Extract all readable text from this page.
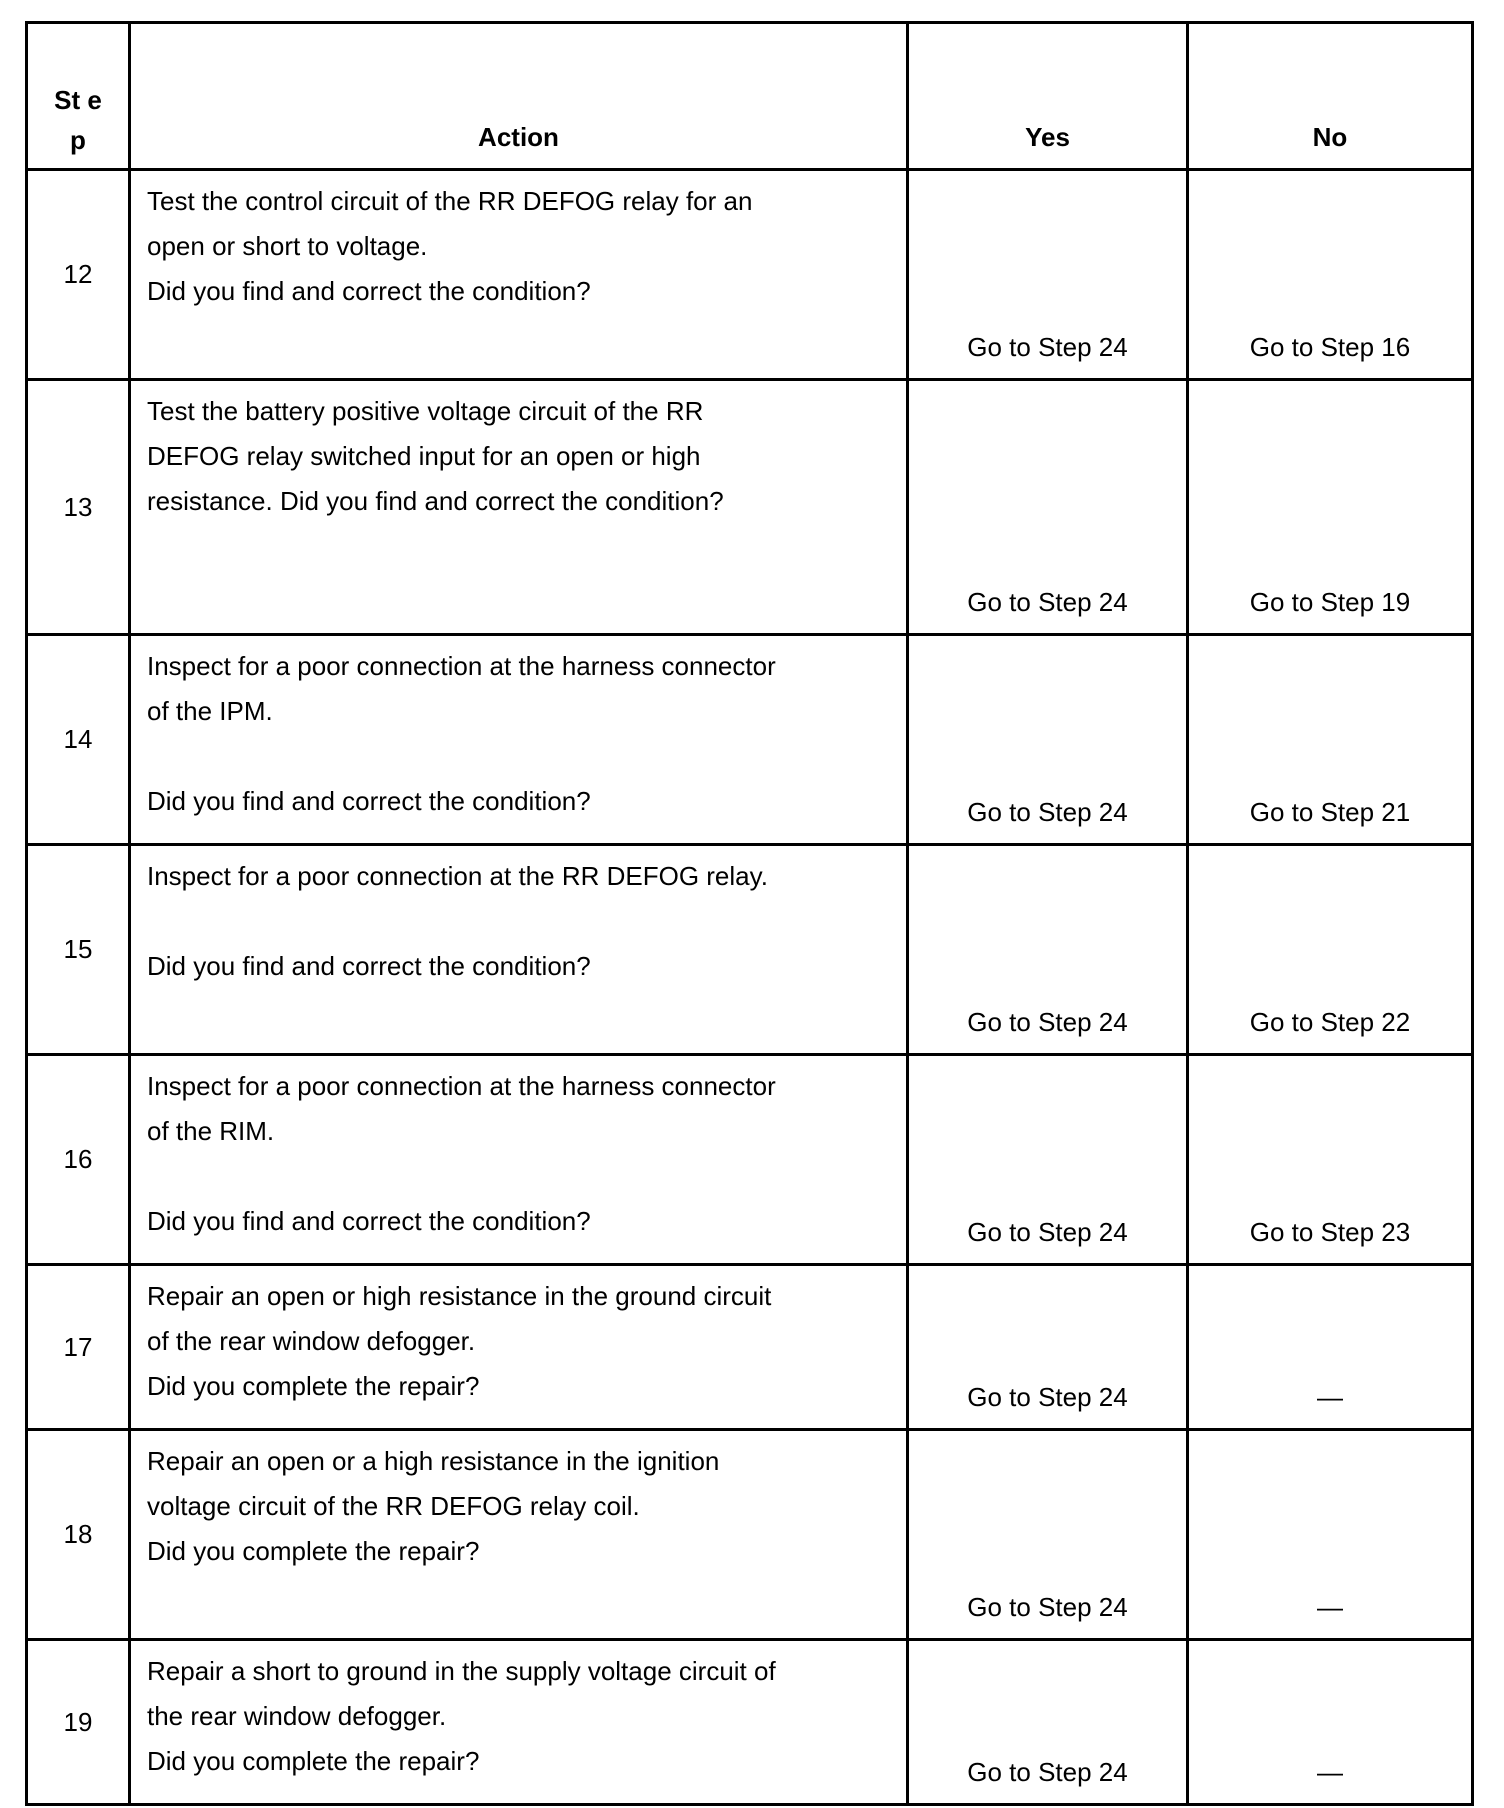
St ep	Action	Yes	No
12	Test the control circuit of the RR DEFOG relay for an
open or short to voltage.
Did you find and correct the condition?	Go to Step 24	Go to Step 16
13	Test the battery positive voltage circuit of the RR
DEFOG relay switched input for an open or high
resistance. Did you find and correct the condition?	Go to Step 24	Go to Step 19
14	Inspect for a poor connection at the harness connector
of the IPM.
Did you find and correct the condition?	Go to Step 24	Go to Step 21
15	Inspect for a poor connection at the RR DEFOG relay.
Did you find and correct the condition?	Go to Step 24	Go to Step 22
16	Inspect for a poor connection at the harness connector
of the RIM.
Did you find and correct the condition?	Go to Step 24	Go to Step 23
17	Repair an open or high resistance in the ground circuit
of the rear window defogger.
Did you complete the repair?	Go to Step 24	—
18	Repair an open or a high resistance in the ignition
voltage circuit of the RR DEFOG relay coil.
Did you complete the repair?	Go to Step 24	—
19	Repair a short to ground in the supply voltage circuit of
the rear window defogger.
Did you complete the repair?	Go to Step 24	—
